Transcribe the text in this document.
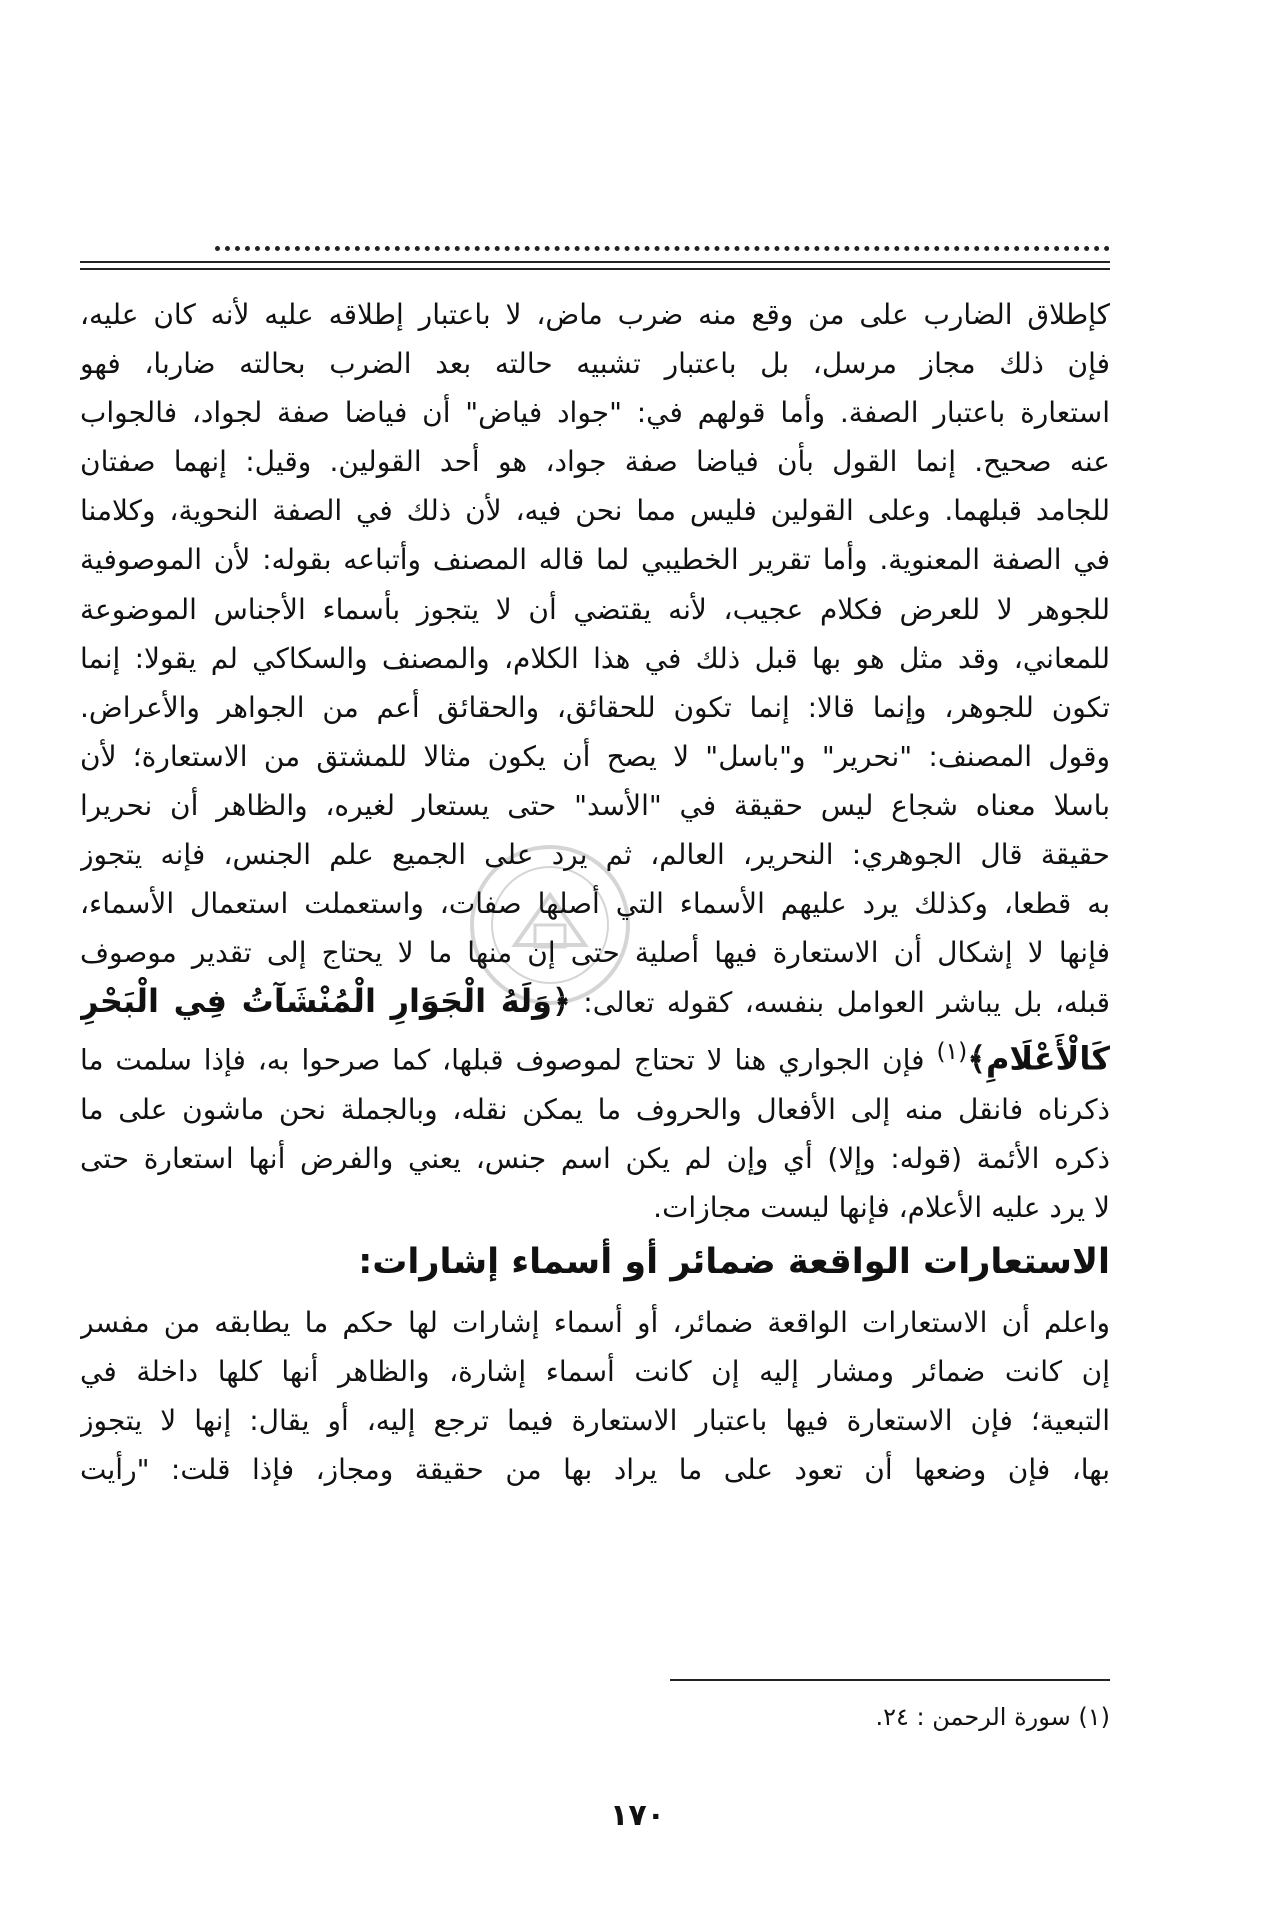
كإطلاق الضارب على من وقع منه ضرب ماض، لا باعتبار إطلاقه عليه لأنه كان عليه،
فإن ذلك مجاز مرسل، بل باعتبار تشبيه حالته بعد الضرب بحالته ضاربا، فهو
استعارة باعتبار الصفة. وأما قولهم في: "جواد فياض" أن فياضا صفة لجواد، فالجواب
عنه صحيح. إنما القول بأن فياضا صفة جواد، هو أحد القولين. وقيل: إنهما صفتان
للجامد قبلهما. وعلى القولين فليس مما نحن فيه، لأن ذلك في الصفة النحوية، وكلامنا
في الصفة المعنوية. وأما تقرير الخطيبي لما قاله المصنف وأتباعه بقوله: لأن الموصوفية
للجوهر لا للعرض فكلام عجيب، لأنه يقتضي أن لا يتجوز بأسماء الأجناس الموضوعة
للمعاني، وقد مثل هو بها قبل ذلك في هذا الكلام، والمصنف والسكاكي لم يقولا: إنما
تكون للجوهر، وإنما قالا: إنما تكون للحقائق، والحقائق أعم من الجواهر والأعراض.
وقول المصنف: "نحرير" و"باسل" لا يصح أن يكون مثالا للمشتق من الاستعارة؛ لأن
باسلا معناه شجاع ليس حقيقة في "الأسد" حتى يستعار لغيره، والظاهر أن نحريرا
حقيقة قال الجوهري: النحرير، العالم، ثم يرد على الجميع علم الجنس، فإنه يتجوز
به قطعا، وكذلك يرد عليهم الأسماء التي أصلها صفات، واستعملت استعمال الأسماء،
فإنها لا إشكال أن الاستعارة فيها أصلية حتى إن منها ما لا يحتاج إلى تقدير موصوف
قبله، بل يباشر العوامل بنفسه، كقوله تعالى: ﴿وَلَهُ الْجَوَارِ الْمُنْشَآتُ فِي الْبَحْرِ
كَالْأَعْلَامِ﴾$^{(١)}$ فإن الجواري هنا لا تحتاج لموصوف قبلها، كما صرحوا به، فإذا سلمت ما
ذكرناه فانقل منه إلى الأفعال والحروف ما يمكن نقله، وبالجملة نحن ماشون على ما
ذكره الأئمة (قوله: وإلا) أي وإن لم يكن اسم جنس، يعني والفرض أنها استعارة حتى
لا يرد عليه الأعلام، فإنها ليست مجازات.
الاستعارات الواقعة ضمائر أو أسماء إشارات:
واعلم أن الاستعارات الواقعة ضمائر، أو أسماء إشارات لها حكم ما يطابقه من مفسر
إن كانت ضمائر ومشار إليه إن كانت أسماء إشارة، والظاهر أنها كلها داخلة في
التبعية؛ فإن الاستعارة فيها باعتبار الاستعارة فيما ترجع إليه، أو يقال: إنها لا يتجوز
بها، فإن وضعها أن تعود على ما يراد بها من حقيقة ومجاز، فإذا قلت: "رأيت
(١) سورة الرحمن : ٢٤.
١٧٠
